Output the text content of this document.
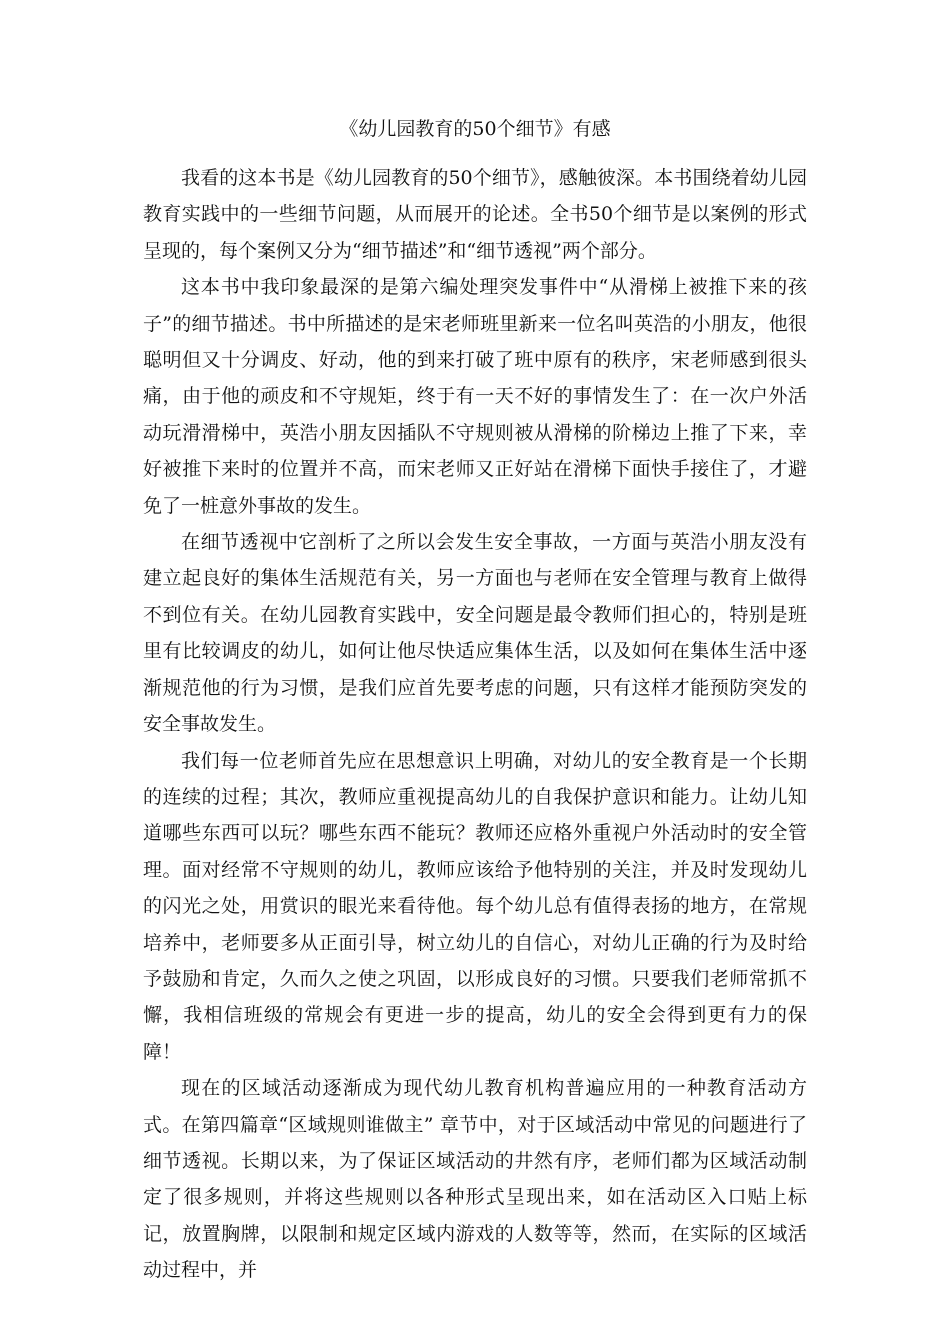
《幼儿园教育的50个细节》有感

我看的这本书是《幼儿园教育的50个细节》，感触彼深。本书围绕着幼儿园教育实践中的一些细节问题，从而展开的论述。全书50个细节是以案例的形式呈现的，每个案例又分为“细节描述”和“细节透视”两个部分。

这本书中我印象最深的是第六编处理突发事件中“从滑梯上被推下来的孩子”的细节描述。书中所描述的是宋老师班里新来一位名叫英浩的小朋友，他很聪明但又十分调皮、好动，他的到来打破了班中原有的秩序，宋老师感到很头痛，由于他的顽皮和不守规矩，终于有一天不好的事情发生了：在一次户外活动玩滑滑梯中，英浩小朋友因插队不守规则被从滑梯的阶梯边上推了下来，幸好被推下来时的位置并不高，而宋老师又正好站在滑梯下面快手接住了，才避免了一桩意外事故的发生。

在细节透视中它剖析了之所以会发生安全事故，一方面与英浩小朋友没有建立起良好的集体生活规范有关，另一方面也与老师在安全管理与教育上做得不到位有关。在幼儿园教育实践中，安全问题是最令教师们担心的，特别是班里有比较调皮的幼儿，如何让他尽快适应集体生活，以及如何在集体生活中逐渐规范他的行为习惯，是我们应首先要考虑的问题，只有这样才能预防突发的安全事故发生。

我们每一位老师首先应在思想意识上明确，对幼儿的安全教育是一个长期的连续的过程；其次，教师应重视提高幼儿的自我保护意识和能力。让幼儿知道哪些东西可以玩？哪些东西不能玩？教师还应格外重视户外活动时的安全管理。面对经常不守规则的幼儿，教师应该给予他特别的关注，并及时发现幼儿的闪光之处，用赏识的眼光来看待他。每个幼儿总有值得表扬的地方，在常规培养中，老师要多从正面引导，树立幼儿的自信心，对幼儿正确的行为及时给予鼓励和肯定，久而久之使之巩固，以形成良好的习惯。只要我们老师常抓不懈，我相信班级的常规会有更进一步的提高，幼儿的安全会得到更有力的保障！

现在的区域活动逐渐成为现代幼儿教育机构普遍应用的一种教育活动方式。在第四篇章“区域规则谁做主” 章节中，对于区域活动中常见的问题进行了细节透视。长期以来，为了保证区域活动的井然有序，老师们都为区域活动制定了很多规则，并将这些规则以各种形式呈现出来，如在活动区入口贴上标记，放置胸牌，以限制和规定区域内游戏的人数等等，然而，在实际的区域活动过程中，并
